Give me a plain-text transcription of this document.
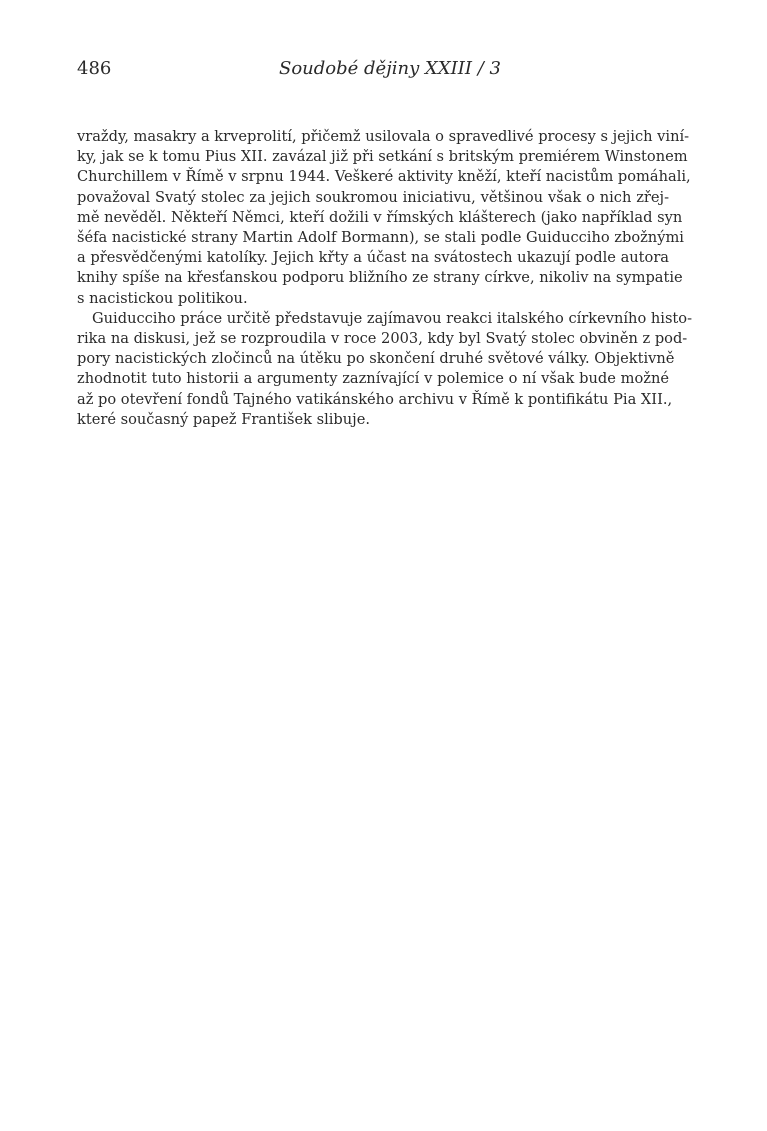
486	Soudobé dějiny XXIII / 3
vraždy, masakry a krveprolití, přičemž usilovala o spravedlivé procesy s jejich viní-
ky, jak se k tomu Pius XII. zavázal již při setkání s britským premiérem Winstonem
Churchillem v Římě v srpnu 1944. Veškeré aktivity kněží, kteří nacistům pomáhali,
považoval Svatý stolec za jejich soukromou iniciativu, většinou však o nich zřej-
mě nevěděl. Někteří Němci, kteří dožili v římských klášterech (jako například syn
šéfa nacistické strany Martin Adolf Bormann), se stali podle Guiducciho zbožnými
a přesvědčenými katolíky. Jejich křty a účast na svátostech ukazují podle autora
knihy spíše na křesťanskou podporu bližního ze strany církve, nikoliv na sympatie
s nacistickou politikou.
Guiducciho práce určitě představuje zajímavou reakci italského církevního histo-
rika na diskusi, jež se rozproudila v roce 2003, kdy byl Svatý stolec obviněn z pod-
pory nacistických zločinců na útěku po skončení druhé světové války. Objektivně
zhodnotit tuto historii a argumenty zaznívající v polemice o ní však bude možné
až po otevření fondů Tajného vatikánského archivu v Římě k pontifikátu Pia XII.,
které současný papež František slibuje.
